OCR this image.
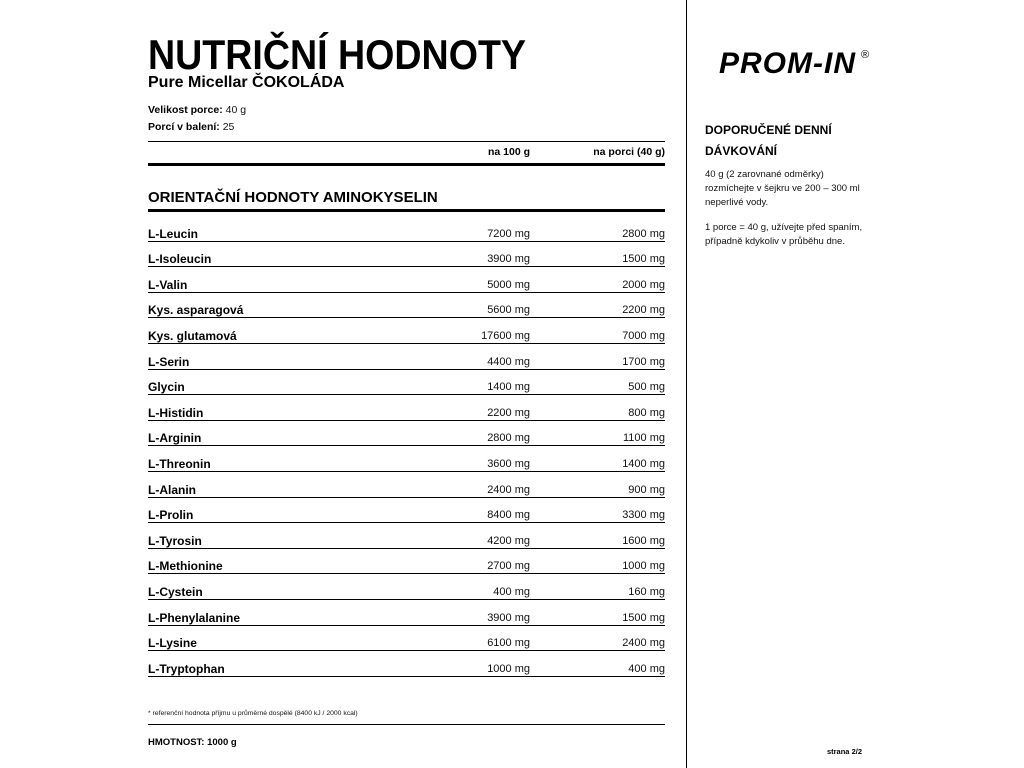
NUTRIČNÍ HODNOTY
Pure Micellar ČOKOLÁDA
Velikost porce: 40 g
Porcí v balení: 25
na 100 g	na porci (40 g)
ORIENTAČNÍ HODNOTY AMINOKYSELIN
L-Leucin	7200 mg	2800 mg
L-Isoleucin	3900 mg	1500 mg
L-Valin	5000 mg	2000 mg
Kys. asparagová	5600 mg	2200 mg
Kys. glutamová	17600 mg	7000 mg
L-Serin	4400 mg	1700 mg
Glycin	1400 mg	500 mg
L-Histidin	2200 mg	800 mg
L-Arginin	2800 mg	1100 mg
L-Threonin	3600 mg	1400 mg
L-Alanin	2400 mg	900 mg
L-Prolin	8400 mg	3300 mg
L-Tyrosin	4200 mg	1600 mg
L-Methionine	2700 mg	1000 mg
L-Cystein	400 mg	160 mg
L-Phenylalanine	3900 mg	1500 mg
L-Lysine	6100 mg	2400 mg
L-Tryptophan	1000 mg	400 mg
* referenční hodnota příjmu u průměrné dospělé (8400 kJ / 2000 kcal)
HMOTNOST: 1000 g
PROM-IN ®
DOPORUČENÉ DENNÍ
DÁVKOVÁNÍ
40 g (2 zarovnané odměrky)
rozmíchejte v šejkru ve 200 – 300 ml
neperlivé vody.
1 porce = 40 g, užívejte před spaním,
případně kdykoliv v průběhu dne.
strana 2/2
